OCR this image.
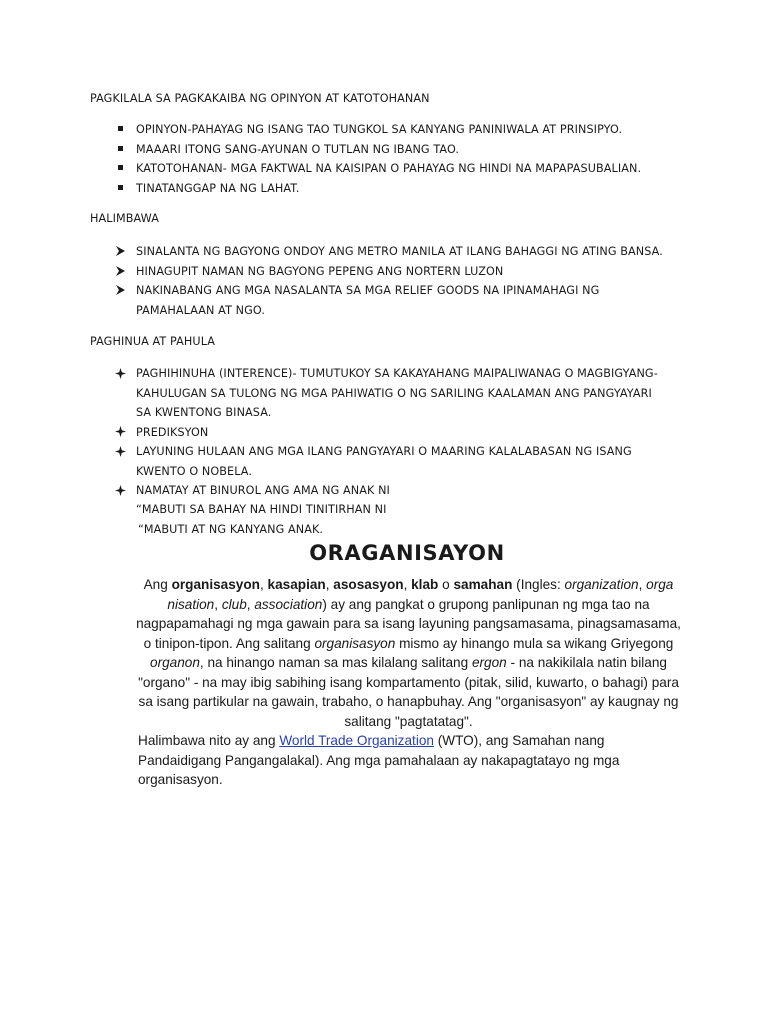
PAGKILALA SA PAGKAKAIBA NG OPINYON AT KATOTOHANAN
OPINYON-PAHAYAG NG ISANG TAO TUNGKOL SA KANYANG PANINIWALA AT PRINSIPYO.
MAAARI ITONG SANG-AYUNAN O TUTLAN NG IBANG TAO.
KATOTOHANAN- MGA FAKTWAL NA KAISIPAN O PAHAYAG NG HINDI NA MAPAPASUBALIAN.
TINATANGGAP NA NG LAHAT.
HALIMBAWA
SINALANTA NG BAGYONG ONDOY ANG METRO MANILA AT ILANG BAHAGGI NG ATING BANSA.
HINAGUPIT NAMAN NG BAGYONG PEPENG ANG NORTERN LUZON
NAKINABANG ANG MGA NASALANTA SA MGA RELIEF GOODS NA IPINAMAHAGI NG
PAMAHALAAN AT NGO.
PAGHINUA AT PAHULA
PAGHIHINUHA (INTERENCE)- TUMUTUKOY SA KAKAYAHANG MAIPALIWANAG O MAGBIGYANG-
KAHULUGAN SA TULONG NG MGA PAHIWATIG O NG SARILING KAALAMAN ANG PANGYAYARI
SA KWENTONG BINASA.
PREDIKSYON
LAYUNING HULAAN ANG MGA ILANG PANGYAYARI O MAARING KALALABASAN NG ISANG
KWENTO O NOBELA.
NAMATAY AT BINUROL ANG AMA NG ANAK NI
“MABUTI SA BAHAY NA HINDI TINITIRHAN NI
“MABUTI AT NG KANYANG ANAK.
ORAGANISAYON
Ang organisasyon, kasapian, asosasyon, klab o samahan (Ingles: organization, orga nisation, club, association) ay ang pangkat o grupong panlipunan ng mga tao na nagpapamahagi ng mga gawain para sa isang layuning pangsamasama, pinagsamasama, o tinipon-tipon. Ang salitang organisasyon mismo ay hinango mula sa wikang Griyegong organon, na hinango naman sa mas kilalang salitang ergon - na nakikilala natin bilang "organo" - na may ibig sabihing isang kompartamento (pitak, silid, kuwarto, o bahagi) para sa isang partikular na gawain, trabaho, o hanapbuhay. Ang "organisasyon" ay kaugnay ng salitang "pagtatatag".
Halimbawa nito ay ang World Trade Organization (WTO), ang Samahan nang Pandaidigang Pangangalakal). Ang mga pamahalaan ay nakapagtatayo ng mga organisasyon.
